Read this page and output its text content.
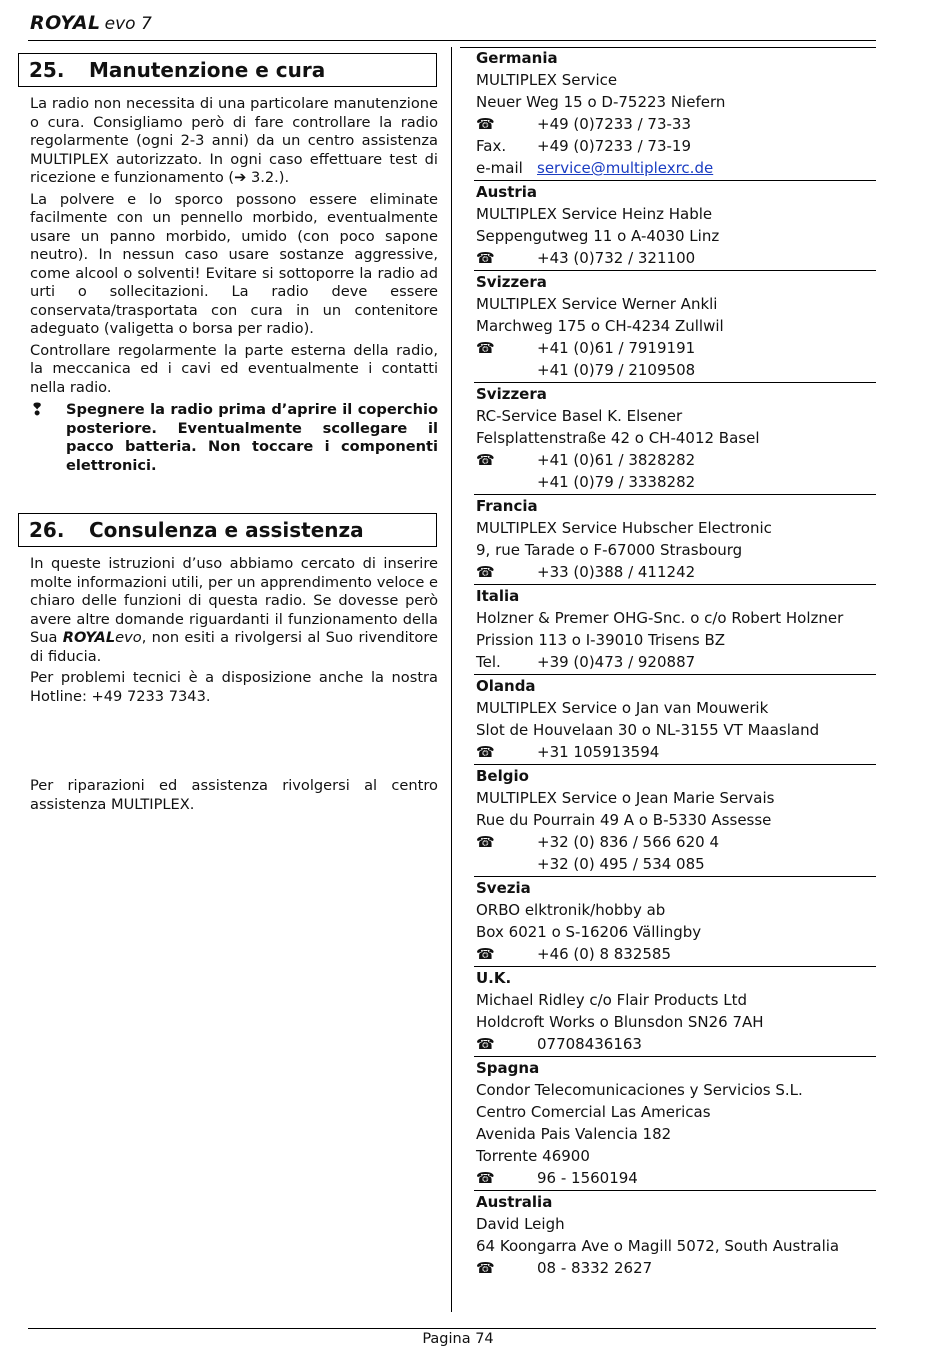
ROYAL evo 7
25. Manutenzione e cura

La radio non necessita di una particolare manutenzione o cura. Consigliamo però di fare controllare la radio regolarmente (ogni 2-3 anni) da un centro assistenza MULTIPLEX autorizzato. In ogni caso effettuare test di ricezione e funzionamento (➔ 3.2.).

La polvere e lo sporco possono essere eliminate facilmente con un pennello morbido, eventualmente usare un panno morbido, umido (con poco sapone neutro). In nessun caso usare sostanze aggressive, come alcool o solventi! Evitare si sottoporre la radio ad urti o sollecitazioni. La radio deve essere conservata/trasportata con cura in un contenitore adeguato (valigetta o borsa per radio).

Controllare regolarmente la parte esterna della radio, la meccanica ed i cavi ed eventualmente i contatti nella radio.

❢	Spegnere la radio prima d’aprire il coperchio posteriore. Eventualmente scollegare il pacco batteria. Non toccare i componenti elettronici.
26. Consulenza e assistenza

In queste istruzioni d’uso abbiamo cercato di inserire molte informazioni utili, per un apprendimento veloce e chiaro delle funzioni di questa radio. Se dovesse però avere altre domande riguardanti il funzionamento della Sua ROYALevo, non esiti a rivolgersi al Suo rivenditore di fiducia.

Per problemi tecnici è a disposizione anche la nostra Hotline: +49 7233 7343.

Per riparazioni ed assistenza rivolgersi al centro assistenza MULTIPLEX.

Germania
MULTIPLEX Service
Neuer Weg 15 o D-75223 Niefern
☎	+49 (0)7233 / 73-33
Fax.	+49 (0)7233 / 73-19
e-mail service@multiplexrc.de
Austria
MULTIPLEX Service Heinz Hable
Seppengutweg 11 o A-4030 Linz
☎	+43 (0)732 / 321100
Svizzera
MULTIPLEX Service Werner Ankli
Marchweg 175 o CH-4234 Zullwil
☎	+41 (0)61 / 7919191
+41 (0)79 / 2109508
Svizzera
RC-Service Basel K. Elsener
Felsplattenstraße 42 o CH-4012 Basel
☎	+41 (0)61 / 3828282
+41 (0)79 / 3338282
Francia
MULTIPLEX Service Hubscher Electronic
9, rue Tarade o F-67000 Strasbourg
☎	+33 (0)388 / 411242
Italia
Holzner & Premer OHG-Snc. o c/o Robert Holzner
Prission 113 o I-39010 Trisens BZ
Tel.	+39 (0)473 / 920887
Olanda
MULTIPLEX Service o Jan van Mouwerik
Slot de Houvelaan 30 o NL-3155 VT Maasland
☎	+31 105913594
Belgio
MULTIPLEX Service o Jean Marie Servais
Rue du Pourrain 49 A o B-5330 Assesse
☎	+32 (0) 836 / 566 620 4
+32 (0) 495 / 534 085
Svezia
ORBO elktronik/hobby ab
Box 6021 o S-16206 Vällingby
☎	+46 (0) 8 832585
U.K.
Michael Ridley c/o Flair Products Ltd
Holdcroft Works o Blunsdon SN26 7AH
☎	07708436163
Spagna
Condor Telecomunicaciones y Servicios S.L.
Centro Comercial Las Americas
Avenida Pais Valencia 182
Torrente 46900
☎	96 - 1560194
Australia
David Leigh
64 Koongarra Ave o Magill 5072, South Australia
☎	08 - 8332 2627
Pagina 74
